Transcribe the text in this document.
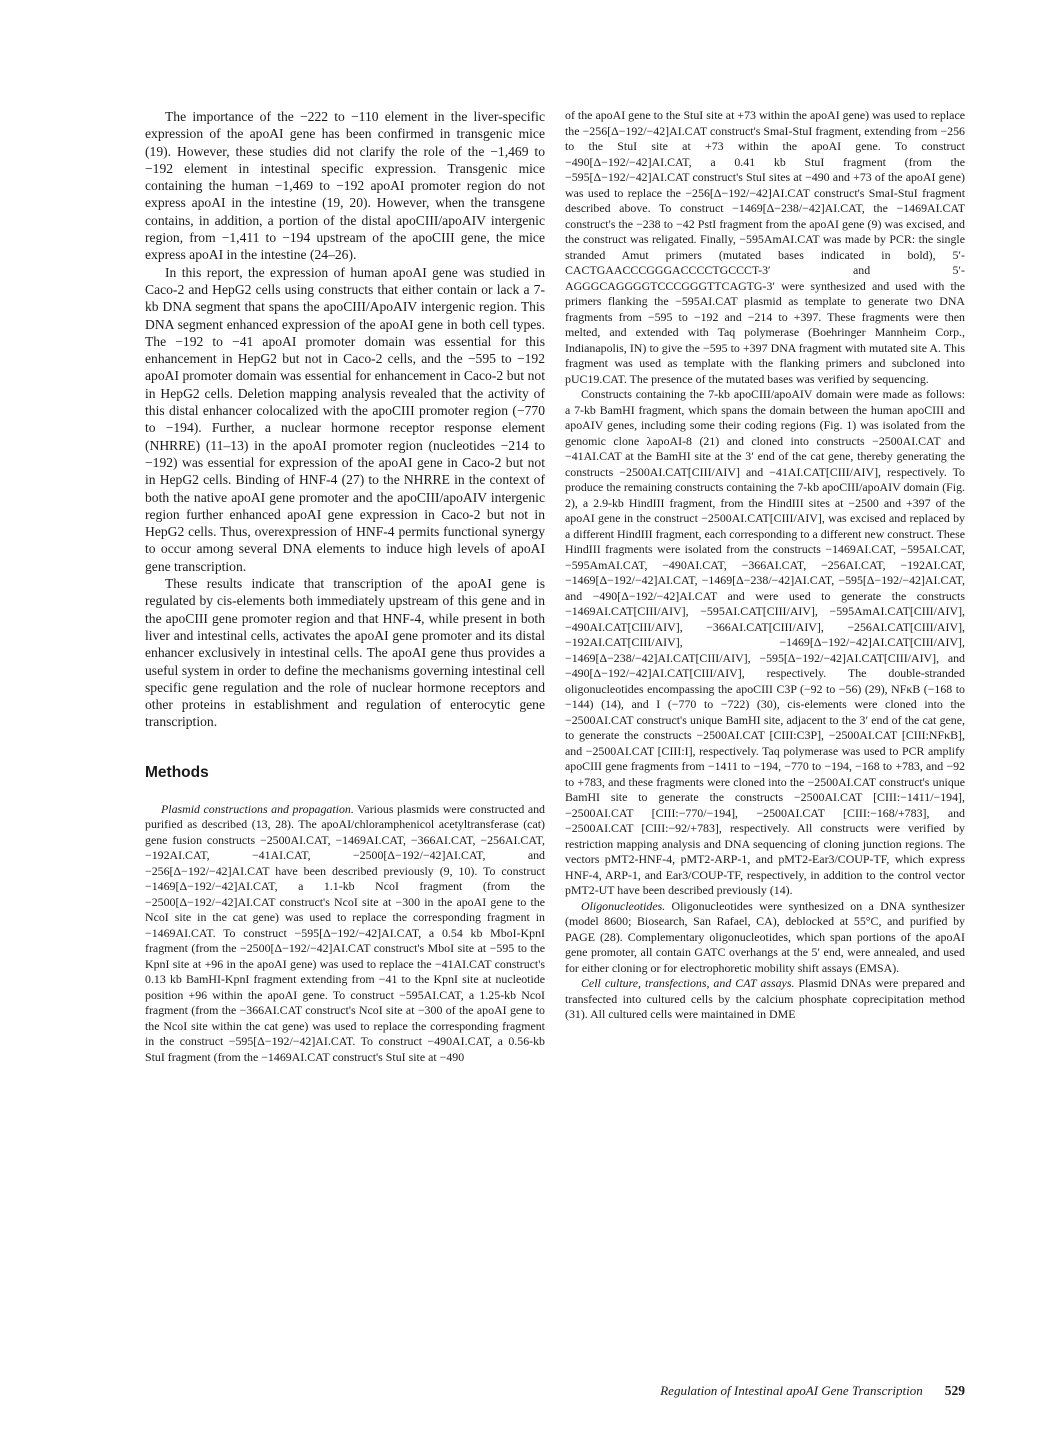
The importance of the −222 to −110 element in the liver-specific expression of the apoAI gene has been confirmed in transgenic mice (19). However, these studies did not clarify the role of the −1,469 to −192 element in intestinal specific expression. Transgenic mice containing the human −1,469 to −192 apoAI promoter region do not express apoAI in the intestine (19, 20). However, when the transgene contains, in addition, a portion of the distal apoCIII/apoAIV intergenic region, from −1,411 to −194 upstream of the apoCIII gene, the mice express apoAI in the intestine (24–26).

In this report, the expression of human apoAI gene was studied in Caco-2 and HepG2 cells using constructs that either contain or lack a 7-kb DNA segment that spans the apoCIII/ApoAIV intergenic region. This DNA segment enhanced expression of the apoAI gene in both cell types. The −192 to −41 apoAI promoter domain was essential for this enhancement in HepG2 but not in Caco-2 cells, and the −595 to −192 apoAI promoter domain was essential for enhancement in Caco-2 but not in HepG2 cells. Deletion mapping analysis revealed that the activity of this distal enhancer colocalized with the apoCIII promoter region (−770 to −194). Further, a nuclear hormone receptor response element (NHRRE) (11–13) in the apoAI promoter region (nucleotides −214 to −192) was essential for expression of the apoAI gene in Caco-2 but not in HepG2 cells. Binding of HNF-4 (27) to the NHRRE in the context of both the native apoAI gene promoter and the apoCIII/apoAIV intergenic region further enhanced apoAI gene expression in Caco-2 but not in HepG2 cells. Thus, overexpression of HNF-4 permits functional synergy to occur among several DNA elements to induce high levels of apoAI gene transcription.

These results indicate that transcription of the apoAI gene is regulated by cis-elements both immediately upstream of this gene and in the apoCIII gene promoter region and that HNF-4, while present in both liver and intestinal cells, activates the apoAI gene promoter and its distal enhancer exclusively in intestinal cells. The apoAI gene thus provides a useful system in order to define the mechanisms governing intestinal cell specific gene regulation and the role of nuclear hormone receptors and other proteins in establishment and regulation of enterocytic gene transcription.

Methods

Plasmid constructions and propagation. Various plasmids were constructed and purified as described (13, 28). The apoAI/chloramphenicol acetyltransferase (cat) gene fusion constructs −2500AI.CAT, −1469AI.CAT, −366AI.CAT, −256AI.CAT, −192AI.CAT, −41AI.CAT, −2500[Δ−192/−42]AI.CAT, and −256[Δ−192/−42]AI.CAT have been described previously (9, 10). To construct −1469[Δ−192/−42]AI.CAT, a 1.1-kb NcoI fragment (from the −2500[Δ−192/−42]AI.CAT construct's NcoI site at −300 in the apoAI gene to the NcoI site in the cat gene) was used to replace the corresponding fragment in −1469AI.CAT. To construct −595[Δ−192/−42]AI.CAT, a 0.54 kb MboI-KpnI fragment (from the −2500[Δ−192/−42]AI.CAT construct's MboI site at −595 to the KpnI site at +96 in the apoAI gene) was used to replace the −41AI.CAT construct's 0.13 kb BamHI-KpnI fragment extending from −41 to the KpnI site at nucleotide position +96 within the apoAI gene. To construct −595AI.CAT, a 1.25-kb NcoI fragment (from the −366AI.CAT construct's NcoI site at −300 of the apoAI gene to the NcoI site within the cat gene) was used to replace the corresponding fragment in the construct −595[Δ−192/−42]AI.CAT. To construct −490AI.CAT, a 0.56-kb StuI fragment (from the −1469AI.CAT construct's StuI site at −490

of the apoAI gene to the StuI site at +73 within the apoAI gene) was used to replace the −256[Δ−192/−42]AI.CAT construct's SmaI-StuI fragment, extending from −256 to the StuI site at +73 within the apoAI gene. To construct −490[Δ−192/−42]AI.CAT, a 0.41 kb StuI fragment (from the −595[Δ−192/−42]AI.CAT construct's StuI sites at −490 and +73 of the apoAI gene) was used to replace the −256[Δ−192/−42]AI.CAT construct's SmaI-StuI fragment described above. To construct −1469[Δ−238/−42]AI.CAT, the −1469AI.CAT construct's the −238 to −42 PstI fragment from the apoAI gene (9) was excised, and the construct was religated. Finally, −595AmAI.CAT was made by PCR: the single stranded Amut primers (mutated bases indicated in bold), 5′-CACTGAACCCGGGACCCCTGCCCT-3′ and 5′-AGGGCAGGGGTCCCGGGTTCAGTG-3′ were synthesized and used with the primers flanking the −595AI.CAT plasmid as template to generate two DNA fragments from −595 to −192 and −214 to +397. These fragments were then melted, and extended with Taq polymerase (Boehringer Mannheim Corp., Indianapolis, IN) to give the −595 to +397 DNA fragment with mutated site A. This fragment was used as template with the flanking primers and subcloned into pUC19.CAT. The presence of the mutated bases was verified by sequencing.

Constructs containing the 7-kb apoCIII/apoAIV domain were made as follows: a 7-kb BamHI fragment, which spans the domain between the human apoCIII and apoAIV genes, including some their coding regions (Fig. 1) was isolated from the genomic clone λapoAI-8 (21) and cloned into constructs −2500AI.CAT and −41AI.CAT at the BamHI site at the 3′ end of the cat gene, thereby generating the constructs −2500AI.CAT[CIII/AIV] and −41AI.CAT[CIII/AIV], respectively. To produce the remaining constructs containing the 7-kb apoCIII/apoAIV domain (Fig. 2), a 2.9-kb HindIII fragment, from the HindIII sites at −2500 and +397 of the apoAI gene in the construct −2500AI.CAT[CIII/AIV], was excised and replaced by a different HindIII fragment, each corresponding to a different new construct. These HindIII fragments were isolated from the constructs −1469AI.CAT, −595AI.CAT, −595AmAI.CAT, −490AI.CAT, −366AI.CAT, −256AI.CAT, −192AI.CAT, −1469[Δ−192/−42]AI.CAT, −1469[Δ−238/−42]AI.CAT, −595[Δ−192/−42]AI.CAT, and −490[Δ−192/−42]AI.CAT and were used to generate the constructs −1469AI.CAT[CIII/AIV], −595AI.CAT[CIII/AIV], −595AmAI.CAT[CIII/AIV], −490AI.CAT[CIII/AIV], −366AI.CAT[CIII/AIV], −256AI.CAT[CIII/AIV], −192AI.CAT[CIII/AIV], −1469[Δ−192/−42]AI.CAT[CIII/AIV], −1469[Δ−238/−42]AI.CAT[CIII/AIV], −595[Δ−192/−42]AI.CAT[CIII/AIV], and −490[Δ−192/−42]AI.CAT[CIII/AIV], respectively. The double-stranded oligonucleotides encompassing the apoCIII C3P (−92 to −56) (29), NFκB (−168 to −144) (14), and I (−770 to −722) (30), cis-elements were cloned into the −2500AI.CAT construct's unique BamHI site, adjacent to the 3′ end of the cat gene, to generate the constructs −2500AI.CAT [CIII:C3P], −2500AI.CAT [CIII:NFκB], and −2500AI.CAT [CIII:I], respectively. Taq polymerase was used to PCR amplify apoCIII gene fragments from −1411 to −194, −770 to −194, −168 to +783, and −92 to +783, and these fragments were cloned into the −2500AI.CAT construct's unique BamHI site to generate the constructs −2500AI.CAT [CIII:−1411/−194], −2500AI.CAT [CIII:−770/−194], −2500AI.CAT [CIII:−168/+783], and −2500AI.CAT [CIII:−92/+783], respectively. All constructs were verified by restriction mapping analysis and DNA sequencing of cloning junction regions. The vectors pMT2-HNF-4, pMT2-ARP-1, and pMT2-Ear3/COUP-TF, which express HNF-4, ARP-1, and Ear3/COUP-TF, respectively, in addition to the control vector pMT2-UT have been described previously (14).

Oligonucleotides. Oligonucleotides were synthesized on a DNA synthesizer (model 8600; Biosearch, San Rafael, CA), deblocked at 55°C, and purified by PAGE (28). Complementary oligonucleotides, which span portions of the apoAI gene promoter, all contain GATC overhangs at the 5′ end, were annealed, and used for either cloning or for electrophoretic mobility shift assays (EMSA).

Cell culture, transfections, and CAT assays. Plasmid DNAs were prepared and transfected into cultured cells by the calcium phosphate coprecipitation method (31). All cultured cells were maintained in DME

Regulation of Intestinal apoAI Gene Transcription 529
